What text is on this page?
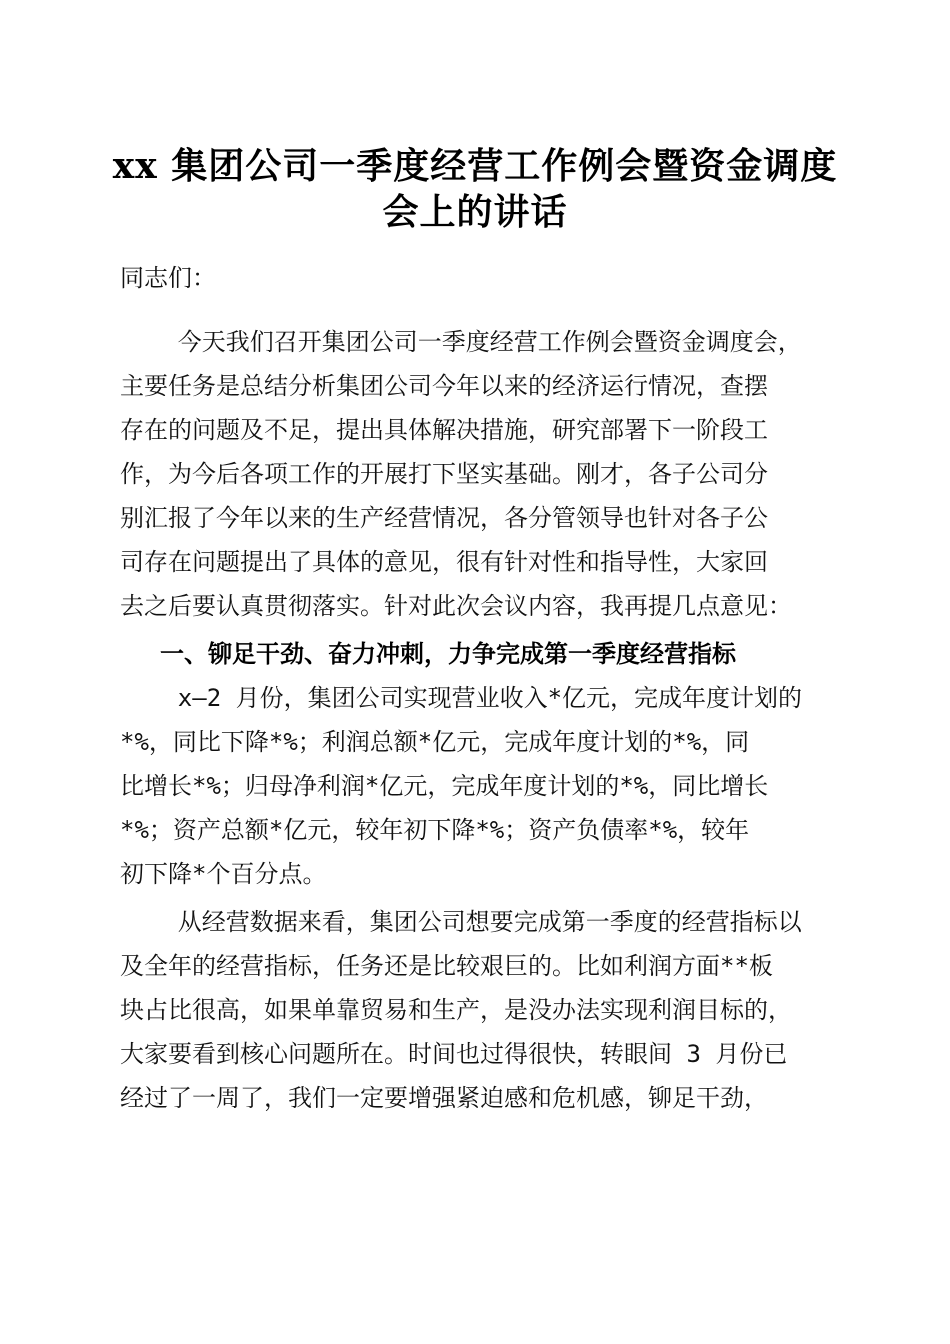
xx 集团公司一季度经营工作例会暨资金调度
会上的讲话
同志们：
今天我们召开集团公司一季度经营工作例会暨资金调度会，
主要任务是总结分析集团公司今年以来的经济运行情况，查摆
存在的问题及不足，提出具体解决措施，研究部署下一阶段工
作，为今后各项工作的开展打下坚实基础。刚才，各子公司分
别汇报了今年以来的生产经营情况，各分管领导也针对各子公
司存在问题提出了具体的意见，很有针对性和指导性，大家回
去之后要认真贯彻落实。针对此次会议内容，我再提几点意见：
一、铆足干劲、奋力冲刺，力争完成第一季度经营指标
x—2 月份，集团公司实现营业收入*亿元，完成年度计划的
*%，同比下降*%；利润总额*亿元，完成年度计划的*%，同
比增长*%；归母净利润*亿元，完成年度计划的*%，同比增长
*%；资产总额*亿元，较年初下降*%；资产负债率*%，较年
初下降*个百分点。
从经营数据来看，集团公司想要完成第一季度的经营指标以
及全年的经营指标，任务还是比较艰巨的。比如利润方面**板
块占比很高，如果单靠贸易和生产，是没办法实现利润目标的，
大家要看到核心问题所在。时间也过得很快，转眼间 3 月份已
经过了一周了，我们一定要增强紧迫感和危机感，铆足干劲，
